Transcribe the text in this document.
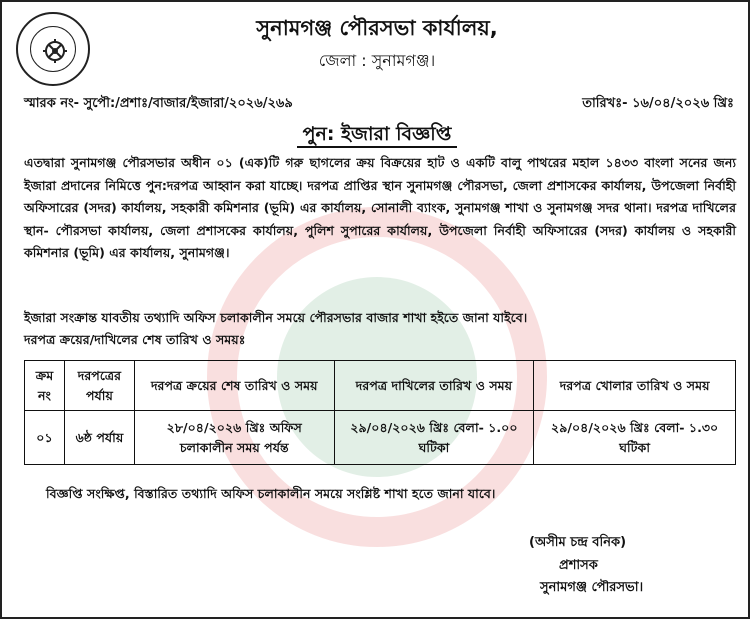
সুনামগঞ্জ পৌরসভা কার্যালয়,
জেলা : সুনামগঞ্জ।
স্মারক নং- সুপৌ:/প্রশাঃ/বাজার/ইজারা/২০২৬/২৬৯	তারিখঃ- ১৬/০৪/২০২৬ খ্রিঃ
পুন: ইজারা বিজ্ঞপ্তি
এতদ্বারা সুনামগঞ্জ পৌরসভার অধীন ০১ (এক)টি গরু ছাগলের ক্রয় বিক্রয়ের হাট ও একটি বালু পাথরের মহাল ১৪৩৩ বাংলা সনের জন্য ইজারা প্রদানের নিমিত্তে পুন:দরপত্র আহ্বান করা যাচ্ছে। দরপত্র প্রাপ্তির স্থান সুনামগঞ্জ পৌরসভা, জেলা প্রশাসকের কার্যালয়, উপজেলা নির্বাহী অফিসারের (সদর) কার্যালয়, সহকারী কমিশনার (ভূমি) এর কার্যালয়, সোনালী ব্যাংক, সুনামগঞ্জ শাখা ও সুনামগঞ্জ সদর থানা। দরপত্র দাখিলের স্থান- পৌরসভা কার্যালয়, জেলা প্রশাসকের কার্যালয়, পুলিশ সুপারের কার্যালয়, উপজেলা নির্বাহী অফিসারের (সদর) কার্যালয় ও সহকারী কমিশনার (ভূমি) এর কার্যালয়, সুনামগঞ্জ।
ইজারা সংক্রান্ত যাবতীয় তথ্যাদি অফিস চলাকালীন সময়ে পৌরসভার বাজার শাখা হইতে জানা যাইবে।
দরপত্র ক্রয়ের/দাখিলের শেষ তারিখ ও সময়ঃ
ক্রম নং	দরপত্রের পর্যায়	দরপত্র ক্রয়ের শেষ তারিখ ও সময়	দরপত্র দাখিলের তারিখ ও সময়	দরপত্র খোলার তারিখ ও সময়
০১	৬ষ্ঠ পর্যায়	২৮/০৪/২০২৬ খ্রিঃ অফিস চলাকালীন সময় পর্যন্ত	২৯/০৪/২০২৬ খ্রিঃ বেলা- ১.০০ ঘটিকা	২৯/০৪/২০২৬ খ্রিঃ বেলা- ১.৩০ ঘটিকা
বিজ্ঞপ্তি সংক্ষিপ্ত, বিস্তারিত তথ্যাদি অফিস চলাকালীন সময়ে সংশ্লিষ্ট শাখা হতে জানা যাবে।
(অসীম চন্দ্র বনিক)
প্রশাসক
সুনামগঞ্জ পৌরসভা।
